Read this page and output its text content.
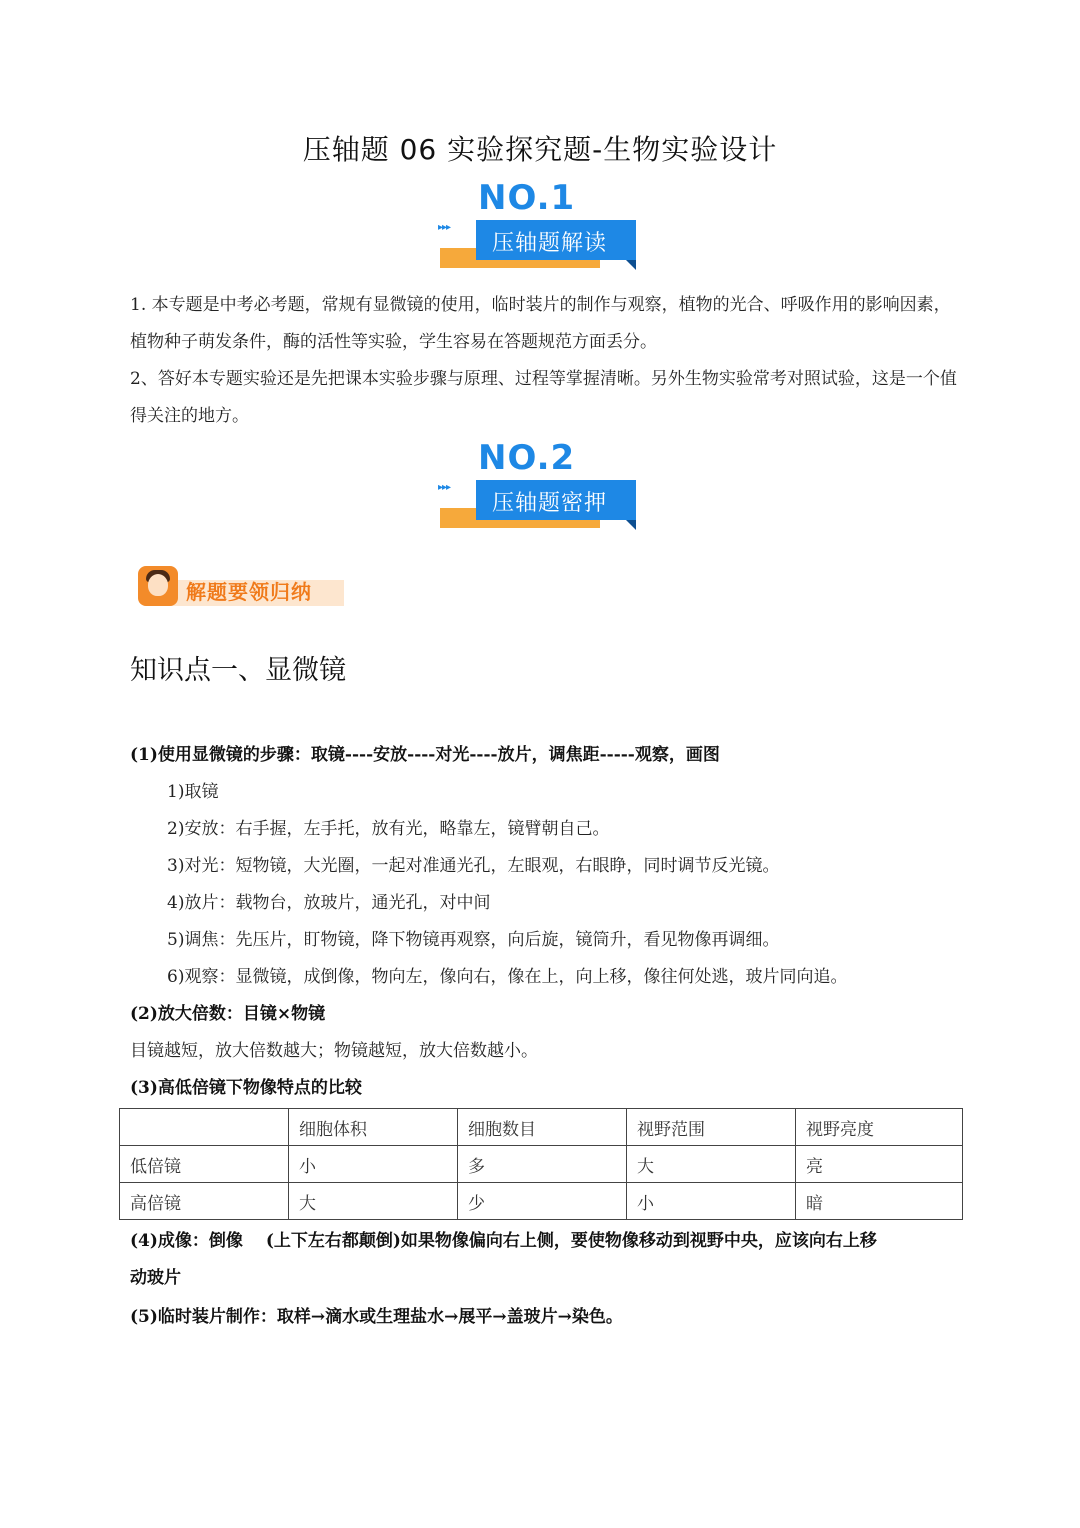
压轴题 06 实验探究题-生物实验设计
▸▸▸
NO.1
压轴题解读
1. 本专题是中考必考题，常规有显微镜的使用，临时装片的制作与观察，植物的光合、呼吸作用的影响因素，植物种子萌发条件，酶的活性等实验，学生容易在答题规范方面丢分。
2、答好本专题实验还是先把课本实验步骤与原理、过程等掌握清晰。另外生物实验常考对照试验，这是一个值得关注的地方。
▸▸▸
NO.2
压轴题密押
解题要领归纳
知识点一、显微镜
(1)使用显微镜的步骤：取镜----安放----对光----放片，调焦距-----观察，画图
1)取镜
2)安放：右手握，左手托，放有光，略靠左，镜臂朝自己。
3)对光：短物镜，大光圈，一起对准通光孔，左眼观，右眼睁，同时调节反光镜。
4)放片：载物台，放玻片，通光孔，对中间
5)调焦：先压片，盯物镜，降下物镜再观察，向后旋，镜筒升，看见物像再调细。
6)观察：显微镜，成倒像，物向左，像向右，像在上，向上移，像往何处逃，玻片同向追。
(2)放大倍数：目镜×物镜
目镜越短，放大倍数越大；物镜越短，放大倍数越小。
(3)高低倍镜下物像特点的比较
	细胞体积	细胞数目	视野范围	视野亮度
低倍镜	小	多	大	亮
高倍镜	大	少	小	暗
(4)成像：倒像　 (上下左右都颠倒)如果物像偏向右上侧，要使物像移动到视野中央，应该向右上移
动玻片
(5)临时装片制作：取样→滴水或生理盐水→展平→盖玻片→染色。
